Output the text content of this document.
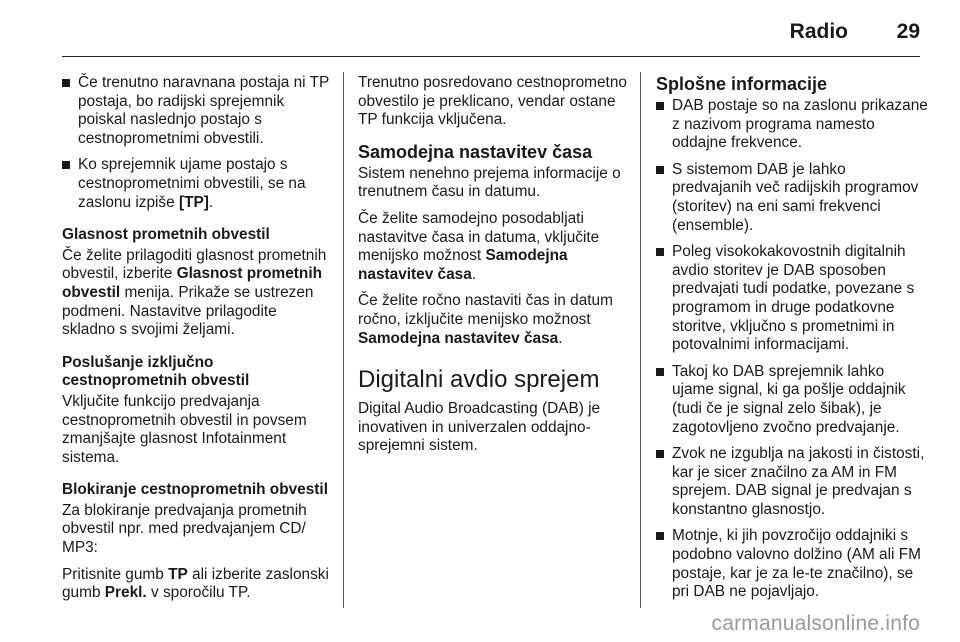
Radio 29
Če trenutno naravnana postaja ni TP postaja, bo radijski sprejemnik poiskal naslednjo postajo s cestnoprometnimi obvestili.
Ko sprejemnik ujame postajo s cestnoprometnimi obvestili, se na zaslonu izpiše [TP].
Glasnost prometnih obvestil

Če želite prilagoditi glasnost prometnih obvestil, izberite Glasnost prometnih obvestil menija. Prikaže se ustrezen podmeni. Nastavitve prilagodite skladno s svojimi željami.

Poslušanje izključno cestnoprometnih obvestil

Vključite funkcijo predvajanja cestnoprometnih obvestil in povsem zmanjšajte glasnost Infotainment sistema.

Blokiranje cestnoprometnih obvestil

Za blokiranje predvajanja prometnih obvestil npr. med predvajanjem CD/ MP3:

Pritisnite gumb TP ali izberite zaslonski gumb Prekl. v sporočilu TP.

Trenutno posredovano cestnoprometno obvestilo je preklicano, vendar ostane TP funkcija vključena.

Samodejna nastavitev časa

Sistem nenehno prejema informacije o trenutnem času in datumu.

Če želite samodejno posodabljati nastavitve časa in datuma, vključite menijsko možnost Samodejna nastavitev časa.

Če želite ročno nastaviti čas in datum ročno, izključite menijsko možnost Samodejna nastavitev časa.

Digitalni avdio sprejem

Digital Audio Broadcasting (DAB) je inovativen in univerzalen oddajno-sprejemni sistem.

Splošne informacije
DAB postaje so na zaslonu prikazane z nazivom programa namesto oddajne frekvence.
S sistemom DAB je lahko predvajanih več radijskih programov (storitev) na eni sami frekvenci (ensemble).
Poleg visokokakovostnih digitalnih avdio storitev je DAB sposoben predvajati tudi podatke, povezane s programom in druge podatkovne storitve, vključno s prometnimi in potovalnimi informacijami.
Takoj ko DAB sprejemnik lahko ujame signal, ki ga pošlje oddajnik (tudi če je signal zelo šibak), je zagotovljeno zvočno predvajanje.
Zvok ne izgublja na jakosti in čistosti, kar je sicer značilno za AM in FM sprejem. DAB signal je predvajan s konstantno glasnostjo.
Motnje, ki jih povzročijo oddajniki s podobno valovno dolžino (AM ali FM postaje, kar je za le-te značilno), se pri DAB ne pojavljajo.
carmanualsonline.info
